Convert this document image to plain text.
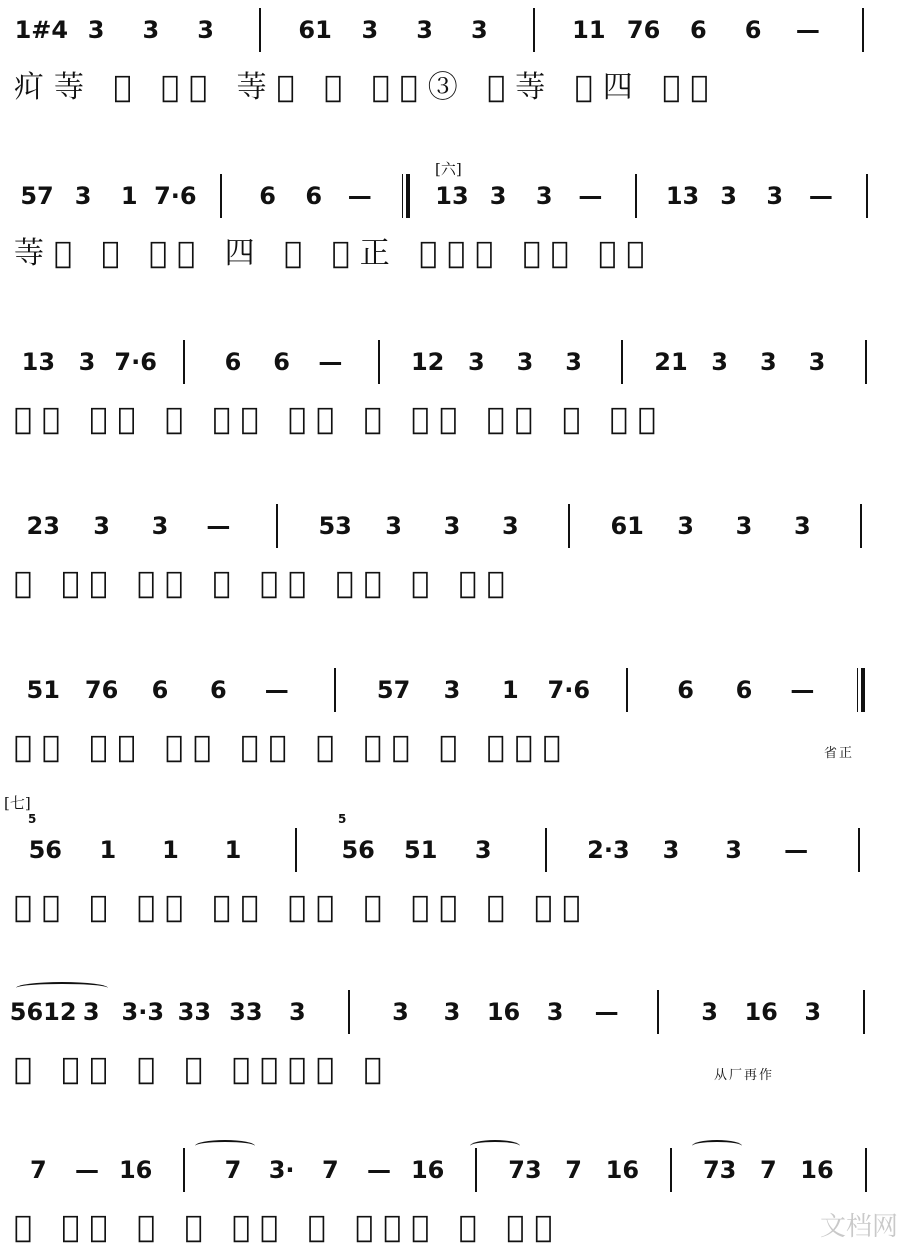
1#4 3	3	3	61	3	3	3	11 76	6	6	—
㽱䓁 𢀳 𠀊𢀳 䓁𠀊 𢀳 𠀊𢀳③ 𠀊䓁 𢀳四 𠀊𢀳
[六]
57 3	1 7·6	6	6	—	13 3	3	—	13 3	3	—
䓁𢀳 𢀳 𠀊𢀳 四 𠀊 𢀳正 𢀳𠀊𢀳 𠀊𢀳 𠀊𢀳
13 3 7·6	6	6	—	12 3	3	3	21 3	3	3
𢀳𠀊 𠀊𢀳 四 𠀊𢀳 𢀳四 𢀳 𠀊𢀳 𠀊𢀳 𢀳 𠀊𢀳
23	3	3	—	53	3	3	3	61	3	3	3
𢀳 𠀊𢀳 𢀳𠀊 𢀳 𠀊𢀳 𠀊𢀳 𢀳 𠀊𢀳
51	76	6	6	—	57	3	1	7·6	6	6	—
𠀊𢀳 𢀳四 𠀊𢀳 𠀊𢀳 𢀳 𠀊𢀳 四 𠀊𢀳四	省正
[七]
5	5
56	1	1	1	56	51	3	2·3	3	3	—
𢀳二 𢀳 𠀊𢀳 𢀳二 𠀊𢀳 𢀳 𠀊𢀳 𢀳 𠀊𢀳
5612 3 3·3 33 33	3	3	3	16	3	—	3	16	3
𢀳 乙五 𢀳 𢀳 𢀳④𠀊𢀳 𢀳	从厂再作
7	— 16	7	3·	7	— 16	73 7 16	73 7 16
𢀳 𠀊𢀳 𢀳 𢀳 𠀊𢀳 𢀳 七二作 𢀳 𠀊𢀳	文档网
